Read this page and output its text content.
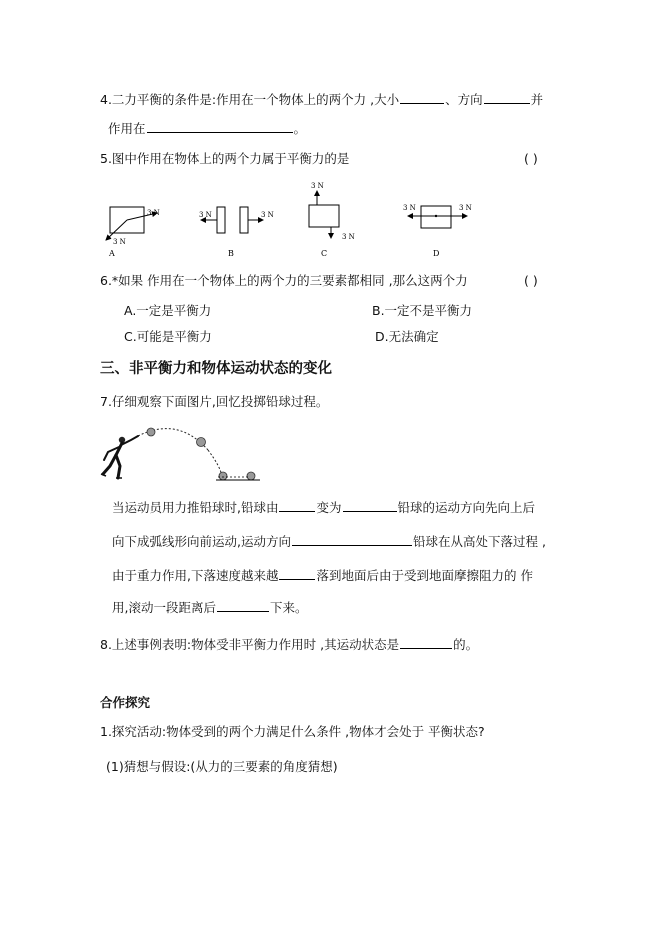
4.二力平衡的条件是:作用在一个物体上的两个力 ,大小	、方向	并
作用在	。
5.图中作用在物体上的两个力属于平衡力的是	( )
3 N
3 N
A
3 N	3 N
B
3 N
3 N
C
3 N	3 N
D
6.*如果 作用在一个物体上的两个力的三要素都相同 ,那么这两个力	( )
A.一定是平衡力	B.一定不是平衡力
C.可能是平衡力	D.无法确定
三、非平衡力和物体运动状态的变化
7.仔细观察下面图片,回忆投掷铅球过程。
当运动员用力推铅球时,铅球由	变为	铅球的运动方向先向上后
向下成弧线形向前运动,运动方向	铅球在从高处下落过程 ,
由于重力作用,下落速度越来越	落到地面后由于受到地面摩擦阻力的 作
用,滚动一段距离后	下来。
8.上述事例表明:物体受非平衡力作用时 ,其运动状态是	的。
合作探究
1.探究活动:物体受到的两个力满足什么条件 ,物体才会处于 平衡状态?
(1)猜想与假设:(从力的三要素的角度猜想)
